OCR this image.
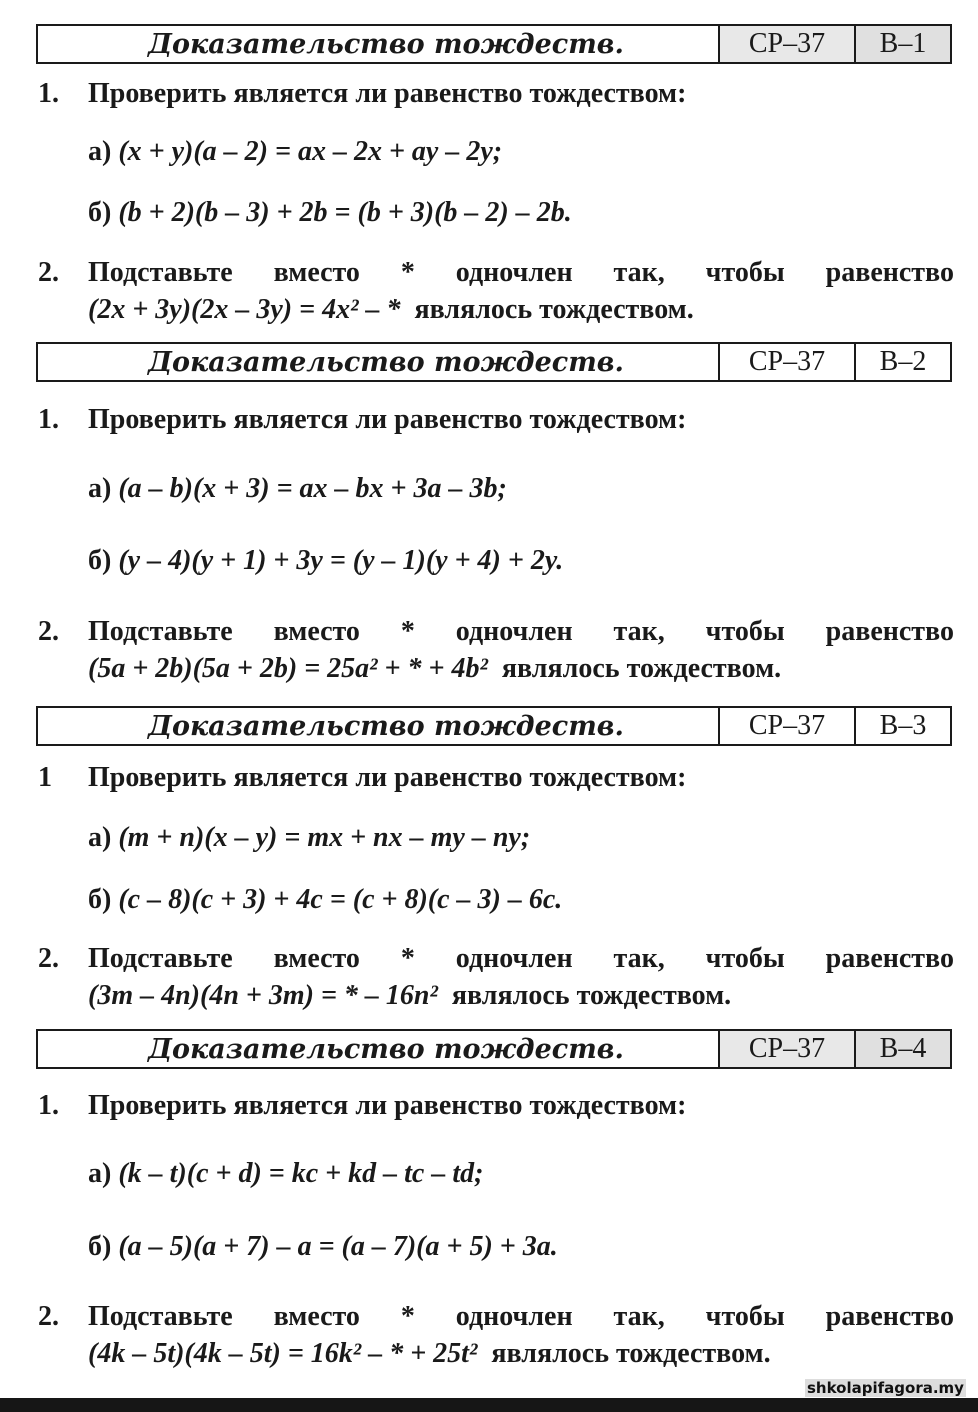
Доказательство тождеств.	СР–37	В–1
1.	Проверить является ли равенство тождеством:
а) (x + y)(a – 2) = ax – 2x + ay – 2y;
б) (b + 2)(b – 3) + 2b = (b + 3)(b – 2) – 2b.
2.	Подставьте вместо * одночлен так, чтобы равенство
(2x + 3y)(2x – 3y) = 4x² – * являлось тождеством.
Доказательство тождеств.	СР–37	В–2
1.	Проверить является ли равенство тождеством:
а) (a – b)(x + 3) = ax – bx + 3a – 3b;
б) (y – 4)(y + 1) + 3y = (y – 1)(y + 4) + 2y.
2.	Подставьте вместо * одночлен так, чтобы равенство
(5a + 2b)(5a + 2b) = 25a² + * + 4b² являлось тождеством.
Доказательство тождеств.	СР–37	В–3
1	Проверить является ли равенство тождеством:
а) (m + n)(x – y) = mx + nx – my – ny;
б) (c – 8)(c + 3) + 4c = (c + 8)(c – 3) – 6c.
2.	Подставьте вместо * одночлен так, чтобы равенство
(3m – 4n)(4n + 3m) = * – 16n² являлось тождеством.
Доказательство тождеств.	СР–37	В–4
1.	Проверить является ли равенство тождеством:
а) (k – t)(c + d) = kc + kd – tc – td;
б) (a – 5)(a + 7) – a = (a – 7)(a + 5) + 3a.
2.	Подставьте вместо * одночлен так, чтобы равенство
(4k – 5t)(4k – 5t) = 16k² – * + 25t² являлось тождеством.
shkolapifagora.my
